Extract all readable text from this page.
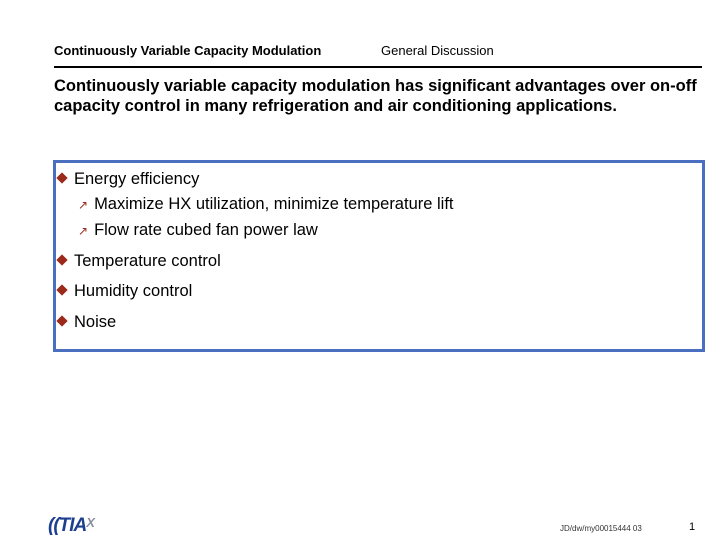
Continuously Variable Capacity Modulation	General Discussion
Continuously variable capacity modulation has significant advantages over on-off capacity control in many refrigeration and air conditioning applications.
Energy efficiency
↗ Maximize HX utilization, minimize temperature lift
↗ Flow rate cubed fan power law
Temperature control
Humidity control
Noise
(($TIA^X$	JD/dw/my00015444 03	1
